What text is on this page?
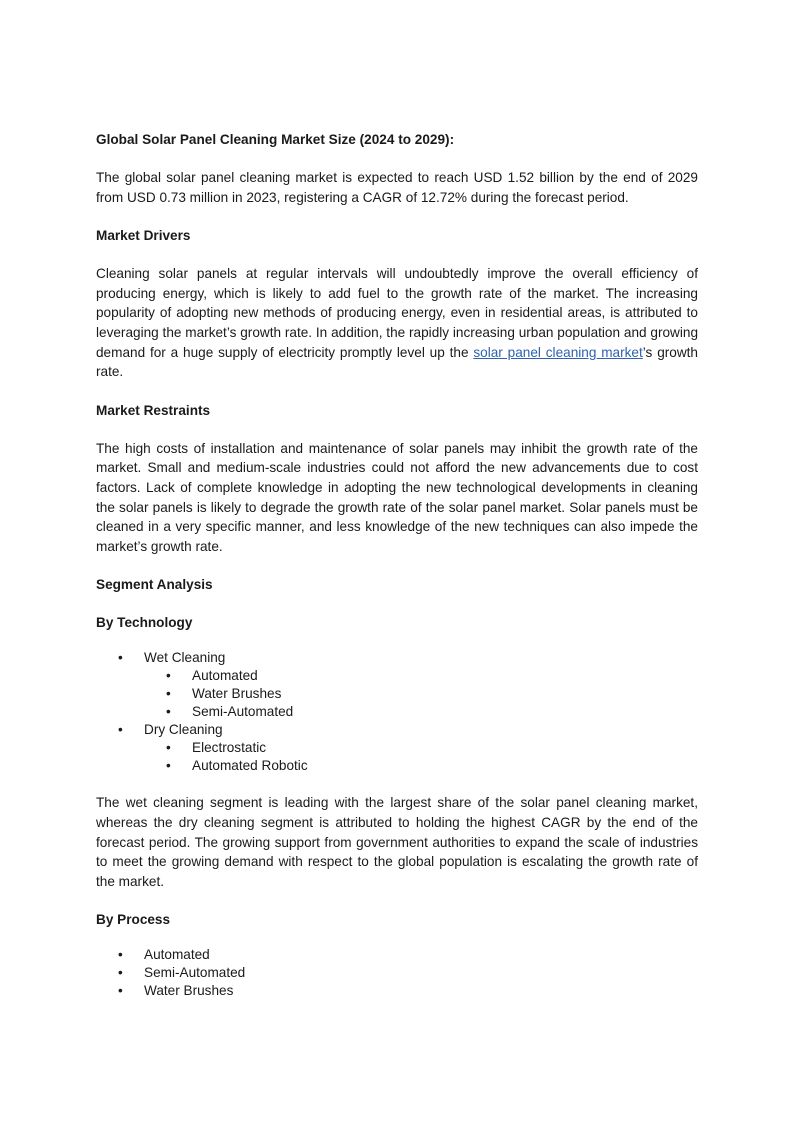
Global Solar Panel Cleaning Market Size (2024 to 2029):

The global solar panel cleaning market is expected to reach USD 1.52 billion by the end of 2029 from USD 0.73 million in 2023, registering a CAGR of 12.72% during the forecast period.

Market Drivers

Cleaning solar panels at regular intervals will undoubtedly improve the overall efficiency of producing energy, which is likely to add fuel to the growth rate of the market. The increasing popularity of adopting new methods of producing energy, even in residential areas, is attributed to leveraging the market’s growth rate. In addition, the rapidly increasing urban population and growing demand for a huge supply of electricity promptly level up the solar panel cleaning market’s growth rate.

Market Restraints

The high costs of installation and maintenance of solar panels may inhibit the growth rate of the market. Small and medium-scale industries could not afford the new advancements due to cost factors. Lack of complete knowledge in adopting the new technological developments in cleaning the solar panels is likely to degrade the growth rate of the solar panel market. Solar panels must be cleaned in a very specific manner, and less knowledge of the new techniques can also impede the market’s growth rate.

Segment Analysis

By Technology

• Wet Cleaning
• Automated
• Water Brushes
• Semi-Automated
• Dry Cleaning
• Electrostatic
• Automated Robotic

The wet cleaning segment is leading with the largest share of the solar panel cleaning market, whereas the dry cleaning segment is attributed to holding the highest CAGR by the end of the forecast period. The growing support from government authorities to expand the scale of industries to meet the growing demand with respect to the global population is escalating the growth rate of the market.

By Process

• Automated
• Semi-Automated
• Water Brushes
